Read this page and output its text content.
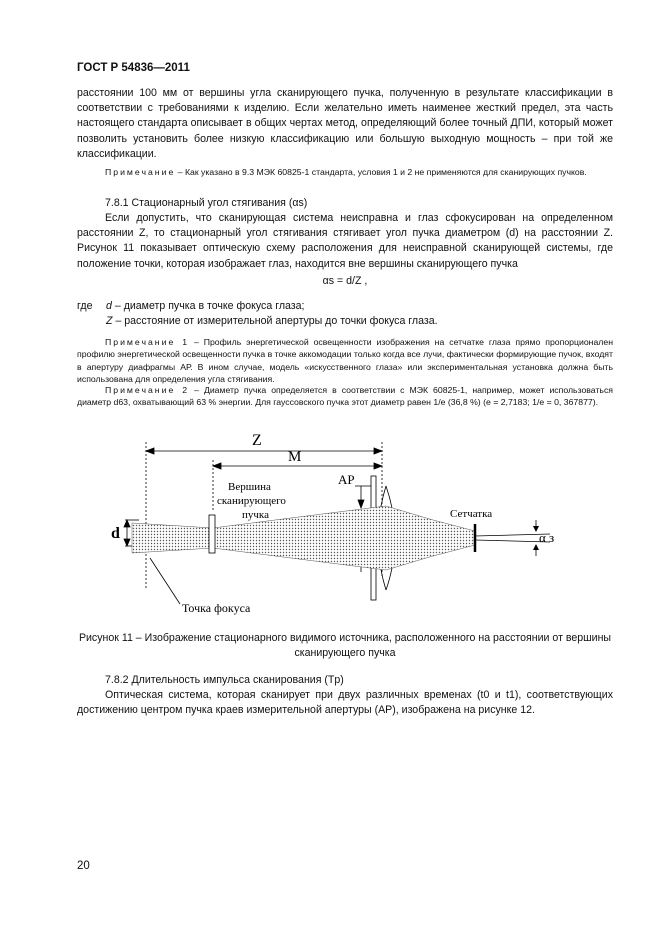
ГОСТ Р 54836—2011
расстоянии 100 мм от вершины угла сканирующего пучка, полученную в результате классификации в соответствии с требованиями к изделию. Если желательно иметь наименее жесткий предел, эта часть настоящего стандарта описывает в общих чертах метод, определяющий более точный ДПИ, который может позволить установить более низкую классификацию или большую выходную мощность – при той же классификации.
Примечание – Как указано в 9.3 МЭК 60825-1 стандарта, условия 1 и 2 не применяются для сканирующих пучков.
7.8.1 Стационарный угол стягивания (αs)
Если допустить, что сканирующая система неисправна и глаз сфокусирован на определенном расстоянии Z, то стационарный угол стягивания стягивает угол пучка диаметром (d) на расстоянии Z. Рисунок 11 показывает оптическую схему расположения для неисправной сканирующей системы, где положение точки, которая изображает глаз, находится вне вершины сканирующего пучка
αs = d/Z ,
где d – диаметр пучка в точке фокуса глаза;
Z – расстояние от измерительной апертуры до точки фокуса глаза.
Примечание 1 – Профиль энергетической освещенности изображения на сетчатке глаза прямо пропорционален профилю энергетической освещенности пучка в точке аккомодации только когда все лучи, фактически формирующие пучок, входят в апертуру диафрагмы АР. В ином случае, модель «искусственного глаза» или экспериментальная установка должна быть использована для определения угла стягивания.
Примечание 2 – Диаметр пучка определяется в соответствии с МЭК 60825-1, например, может использоваться диаметр d63, охватывающий 63 % энергии. Для гауссовского пучка этот диаметр равен 1/e (36,8 %) (e = 2,7183; 1/e = 0, 367877).
Z
M
AP
d	α з
Вершина
сканирующего
пучка	Сетчатка
Точка фокуса
Рисунок 11 – Изображение стационарного видимого источника, расположенного на расстоянии от вершины сканирующего пучка
7.8.2 Длительность импульса сканирования (Tp)
Оптическая система, которая сканирует при двух различных временах (t0 и t1), соответствующих достижению центром пучка краев измерительной апертуры (АР), изображена на рисунке 12.
20
